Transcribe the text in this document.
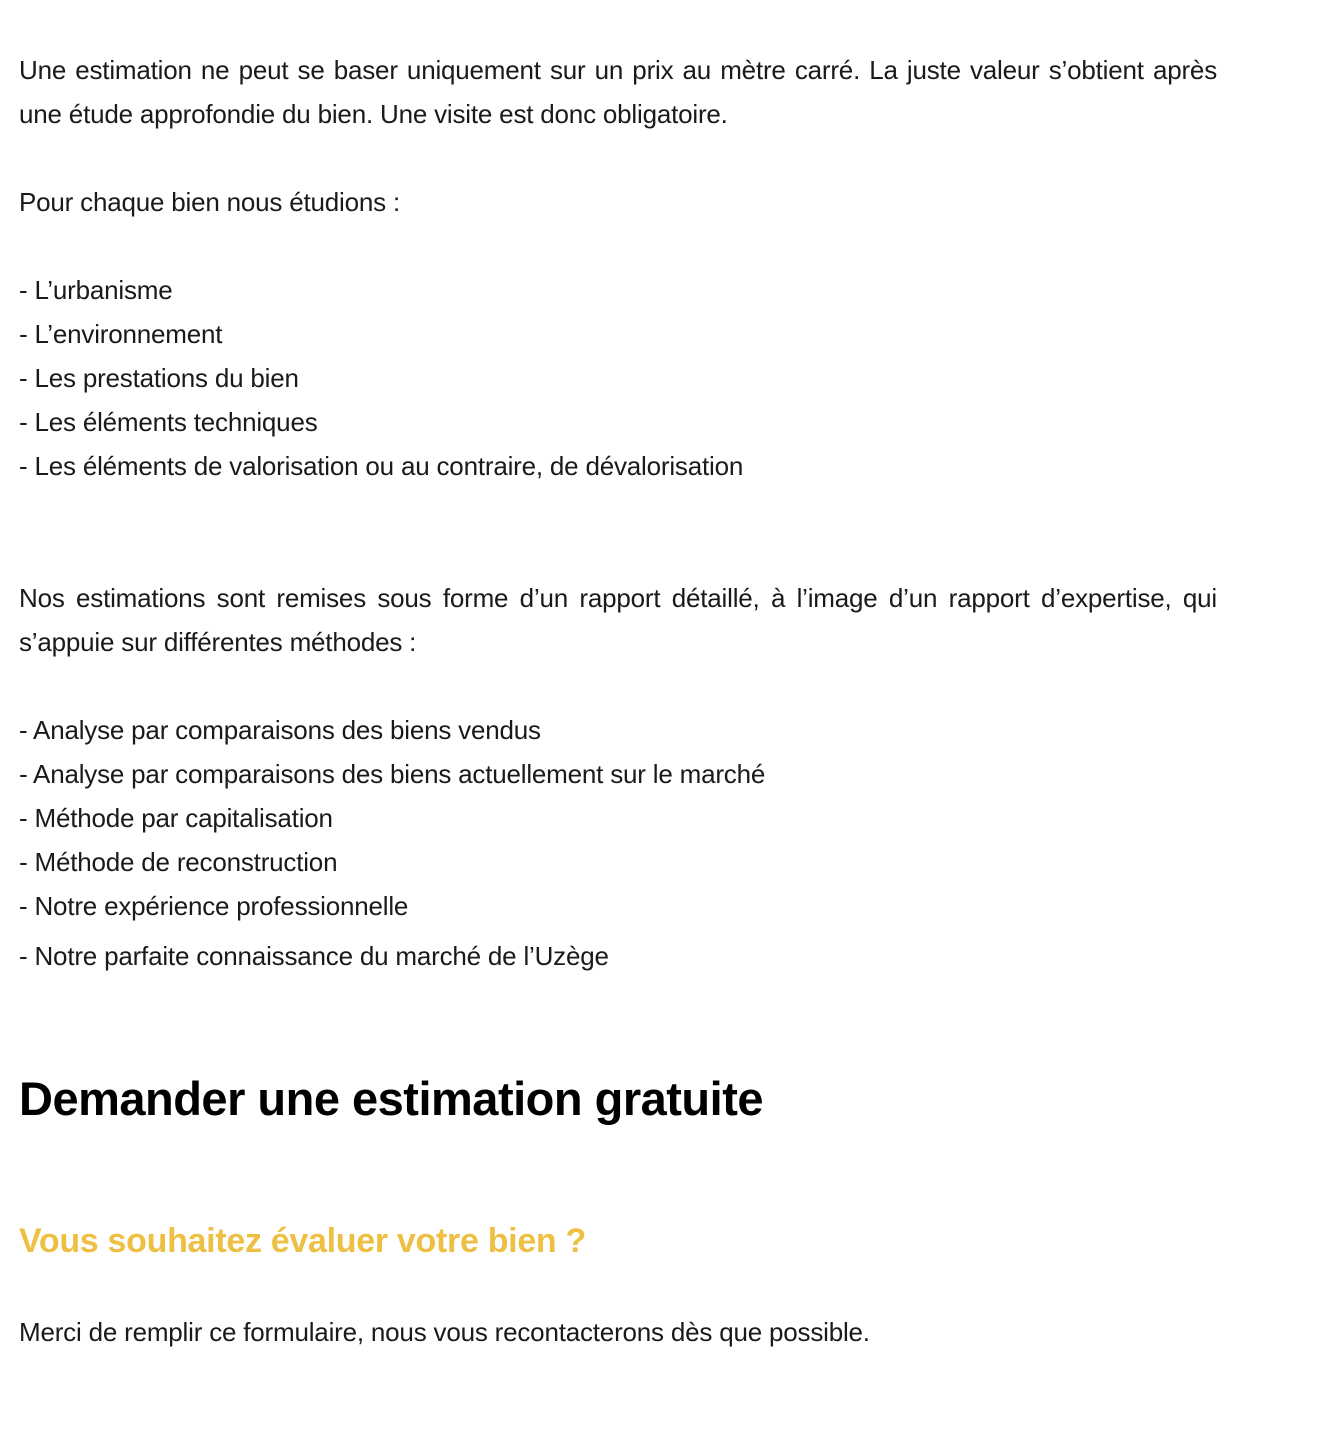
Une estimation ne peut se baser uniquement sur un prix au mètre carré. La juste valeur s’obtient après une étude approfondie du bien. Une visite est donc obligatoire.

Pour chaque bien nous étudions :
- L’urbanisme
- L’environnement
- Les prestations du bien
- Les éléments techniques
- Les éléments de valorisation ou au contraire, de dévalorisation

Nos estimations sont remises sous forme d’un rapport détaillé, à l’image d’un rapport d’expertise, qui s’appuie sur différentes méthodes :

- Analyse par comparaisons des biens vendus
- Analyse par comparaisons des biens actuellement sur le marché
- Méthode par capitalisation
- Méthode de reconstruction
- Notre expérience professionnelle
- Notre parfaite connaissance du marché de l’Uzège
Demander une estimation gratuite
Vous souhaitez évaluer votre bien ?
Merci de remplir ce formulaire, nous vous recontacterons dès que possible.
